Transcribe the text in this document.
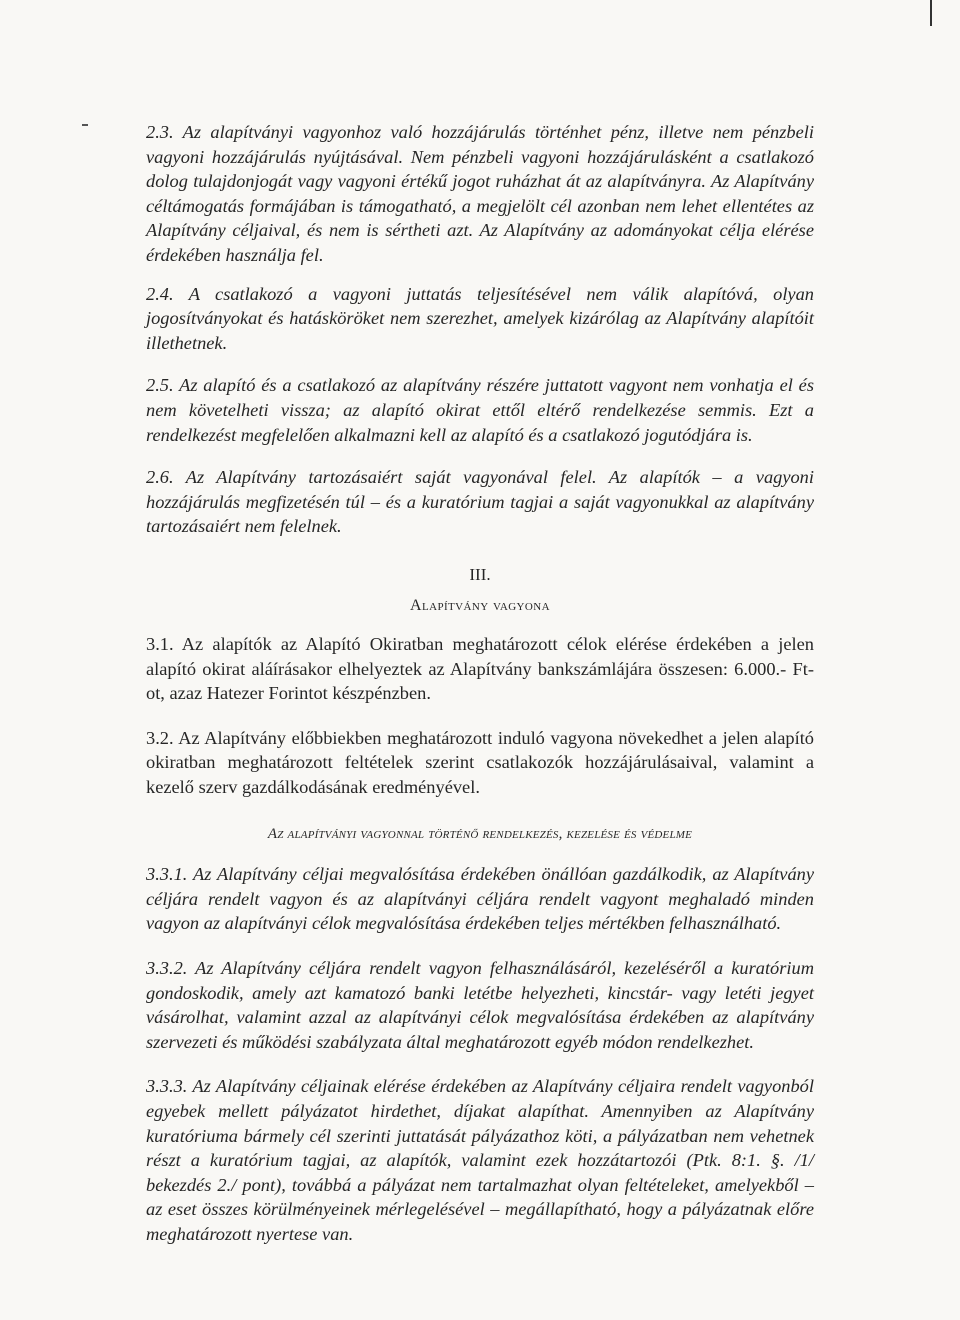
2.3. Az alapítványi vagyonhoz való hozzájárulás történhet pénz, illetve nem pénzbeli vagyoni hozzájárulás nyújtásával. Nem pénzbeli vagyoni hozzájárulásként a csatlakozó dolog tulajdonjogát vagy vagyoni értékű jogot ruházhat át az alapítványra. Az Alapítvány céltámogatás formájában is támogatható, a megjelölt cél azonban nem lehet ellentétes az Alapítvány céljaival, és nem is sértheti azt. Az Alapítvány az adományokat célja elérése érdekében használja fel.

2.4. A csatlakozó a vagyoni juttatás teljesítésével nem válik alapítóvá, olyan jogosítványokat és hatásköröket nem szerezhet, amelyek kizárólag az Alapítvány alapítóit illethetnek.

2.5. Az alapító és a csatlakozó az alapítvány részére juttatott vagyont nem vonhatja el és nem követelheti vissza; az alapító okirat ettől eltérő rendelkezése semmis. Ezt a rendelkezést megfelelően alkalmazni kell az alapító és a csatlakozó jogutódjára is.

2.6. Az Alapítvány tartozásaiért saját vagyonával felel. Az alapítók – a vagyoni hozzájárulás megfizetésén túl – és a kuratórium tagjai a saját vagyonukkal az alapítvány tartozásaiért nem felelnek.

III.
Alapítvány vagyona

3.1. Az alapítók az Alapító Okiratban meghatározott célok elérése érdekében a jelen alapító okirat aláírásakor elhelyeztek az Alapítvány bankszámlájára összesen: 6.000.- Ft-ot, azaz Hatezer Forintot készpénzben.

3.2. Az Alapítvány előbbiekben meghatározott induló vagyona növekedhet a jelen alapító okiratban meghatározott feltételek szerint csatlakozók hozzájárulásaival, valamint a kezelő szerv gazdálkodásának eredményével.

Az alapítványi vagyonnal történő rendelkezés, kezelése és védelme

3.3.1. Az Alapítvány céljai megvalósítása érdekében önállóan gazdálkodik, az Alapítvány céljára rendelt vagyon és az alapítványi céljára rendelt vagyont meghaladó minden vagyon az alapítványi célok megvalósítása érdekében teljes mértékben felhasználható.

3.3.2. Az Alapítvány céljára rendelt vagyon felhasználásáról, kezeléséről a kuratórium gondoskodik, amely azt kamatozó banki letétbe helyezheti, kincstár- vagy letéti jegyet vásárolhat, valamint azzal az alapítványi célok megvalósítása érdekében az alapítvány szervezeti és működési szabályzata által meghatározott egyéb módon rendelkezhet.

3.3.3. Az Alapítvány céljainak elérése érdekében az Alapítvány céljaira rendelt vagyonból egyebek mellett pályázatot hirdethet, díjakat alapíthat. Amennyiben az Alapítvány kuratóriuma bármely cél szerinti juttatását pályázathoz köti, a pályázatban nem vehetnek részt a kuratórium tagjai, az alapítók, valamint ezek hozzátartozói (Ptk. 8:1. §. /1/ bekezdés 2./ pont), továbbá a pályázat nem tartalmazhat olyan feltételeket, amelyekből – az eset összes körülményeinek mérlegelésével – megállapítható, hogy a pályázatnak előre meghatározott nyertese van.
